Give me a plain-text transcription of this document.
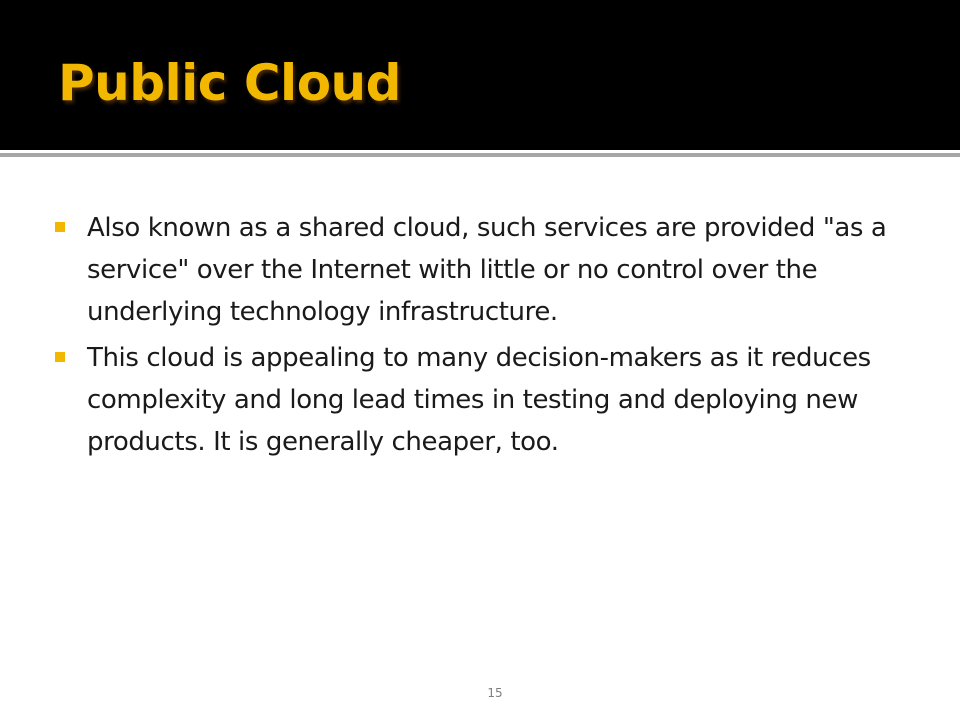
Public Cloud
Also known as a shared cloud, such services are provided "as a service" over the Internet with little or no control over the underlying technology infrastructure.
This cloud is appealing to many decision-makers as it reduces complexity and long lead times in testing and deploying new products. It is generally cheaper, too.
15
